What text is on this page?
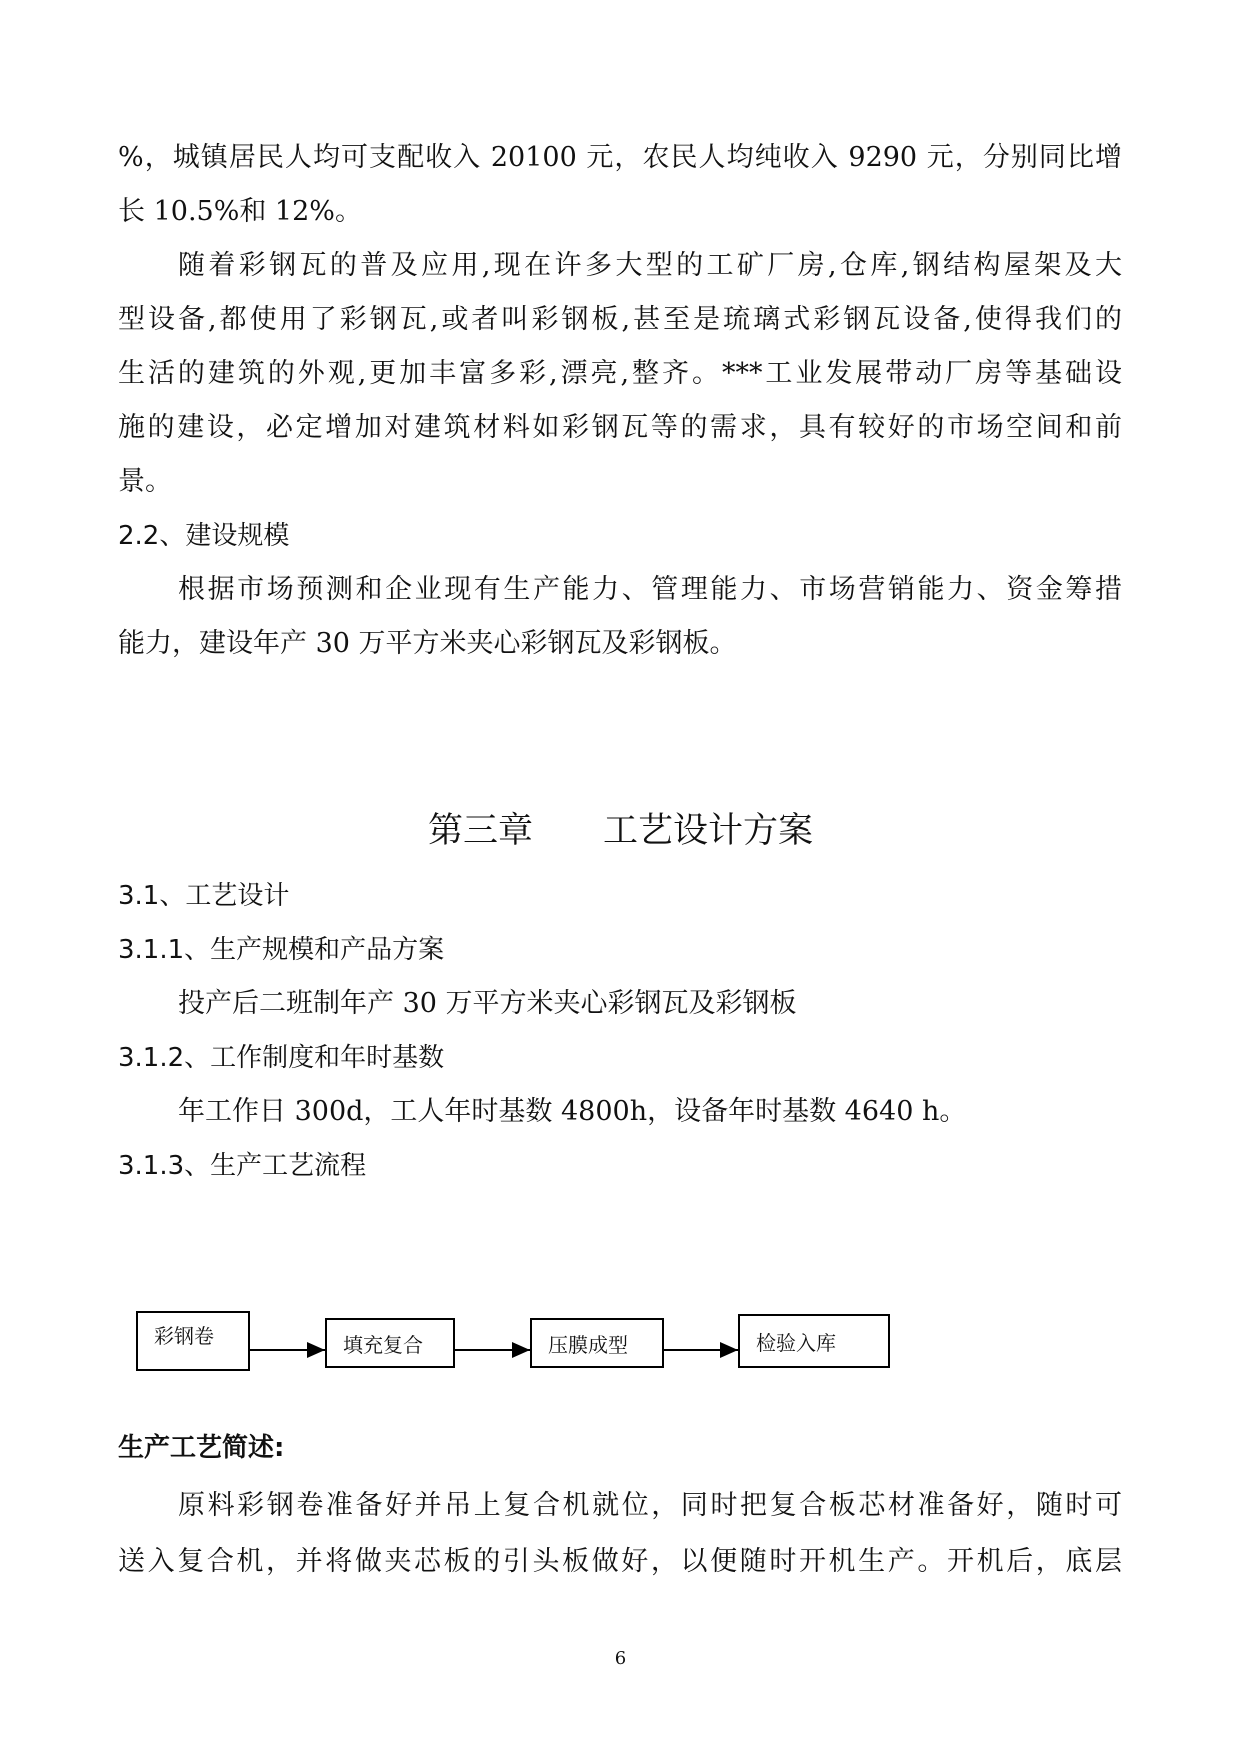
%，城镇居民人均可支配收入 20100 元，农民人均纯收入 9290 元，分别同比增
长 10.5%和 12%。
随着彩钢瓦的普及应用,现在许多大型的工矿厂房,仓库,钢结构屋架及大
型设备,都使用了彩钢瓦,或者叫彩钢板,甚至是琉璃式彩钢瓦设备,使得我们的
生活的建筑的外观,更加丰富多彩,漂亮,整齐。***工业发展带动厂房等基础设
施的建设，必定增加对建筑材料如彩钢瓦等的需求，具有较好的市场空间和前
景。
2.2、建设规模
根据市场预测和企业现有生产能力、管理能力、市场营销能力、资金筹措
能力，建设年产 30 万平方米夹心彩钢瓦及彩钢板。
第三章 工艺设计方案
3.1、工艺设计
3.1.1、生产规模和产品方案
投产后二班制年产 30 万平方米夹心彩钢瓦及彩钢板
3.1.2、工作制度和年时基数
年工作日 300d，工人年时基数 4800h，设备年时基数 4640 h。
3.1.3、生产工艺流程
彩钢卷	填充复合	压膜成型	检验入库
生产工艺简述:
原料彩钢卷准备好并吊上复合机就位，同时把复合板芯材准备好，随时可
送入复合机，并将做夹芯板的引头板做好，以便随时开机生产。开机后，底层
6
